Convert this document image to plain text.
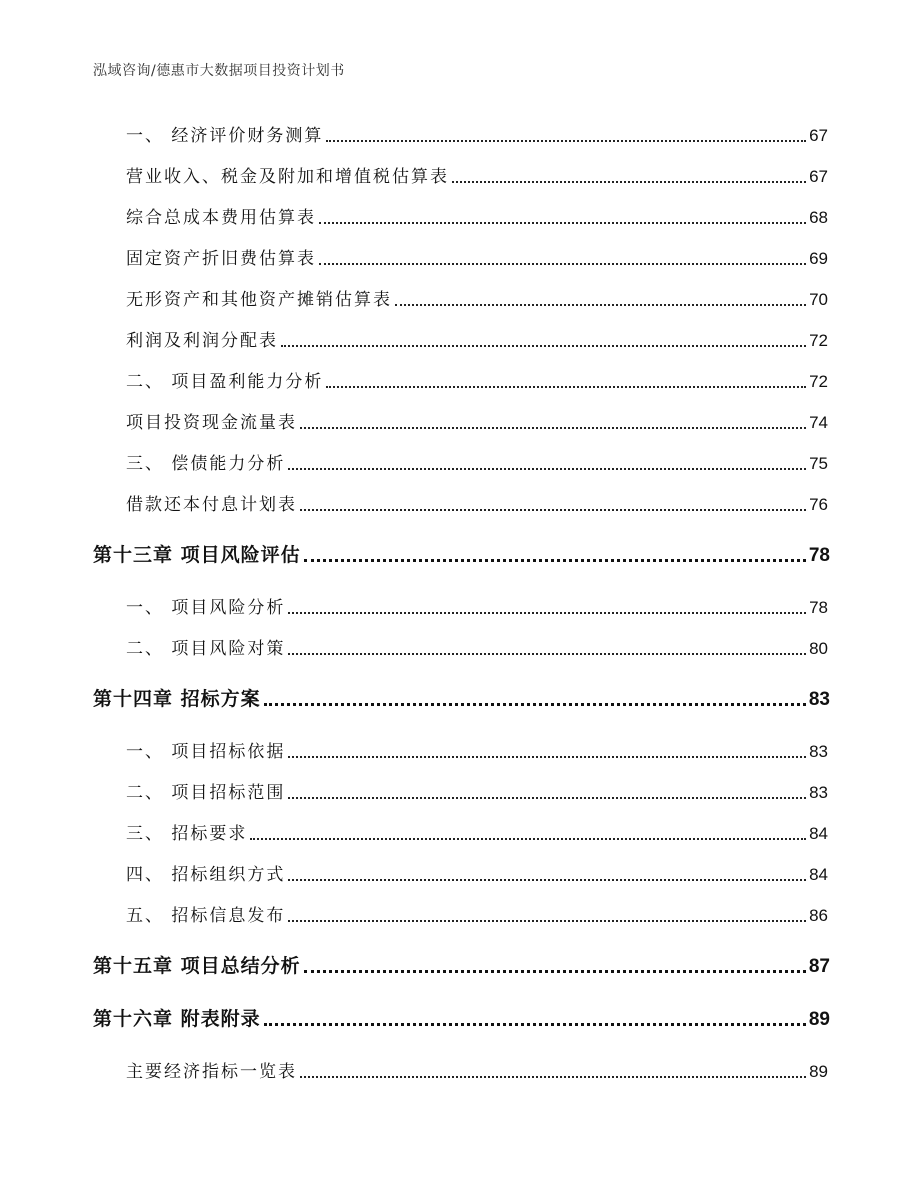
泓域咨询/德惠市大数据项目投资计划书
一、 经济评价财务测算	67
营业收入、税金及附加和增值税估算表	67
综合总成本费用估算表	68
固定资产折旧费估算表	69
无形资产和其他资产摊销估算表	70
利润及利润分配表	72
二、 项目盈利能力分析	72
项目投资现金流量表	74
三、 偿债能力分析	75
借款还本付息计划表	76
第十三章 项目风险评估	78
一、 项目风险分析	78
二、 项目风险对策	80
第十四章 招标方案	83
一、 项目招标依据	83
二、 项目招标范围	83
三、 招标要求	84
四、 招标组织方式	84
五、 招标信息发布	86
第十五章 项目总结分析	87
第十六章 附表附录	89
主要经济指标一览表	89
